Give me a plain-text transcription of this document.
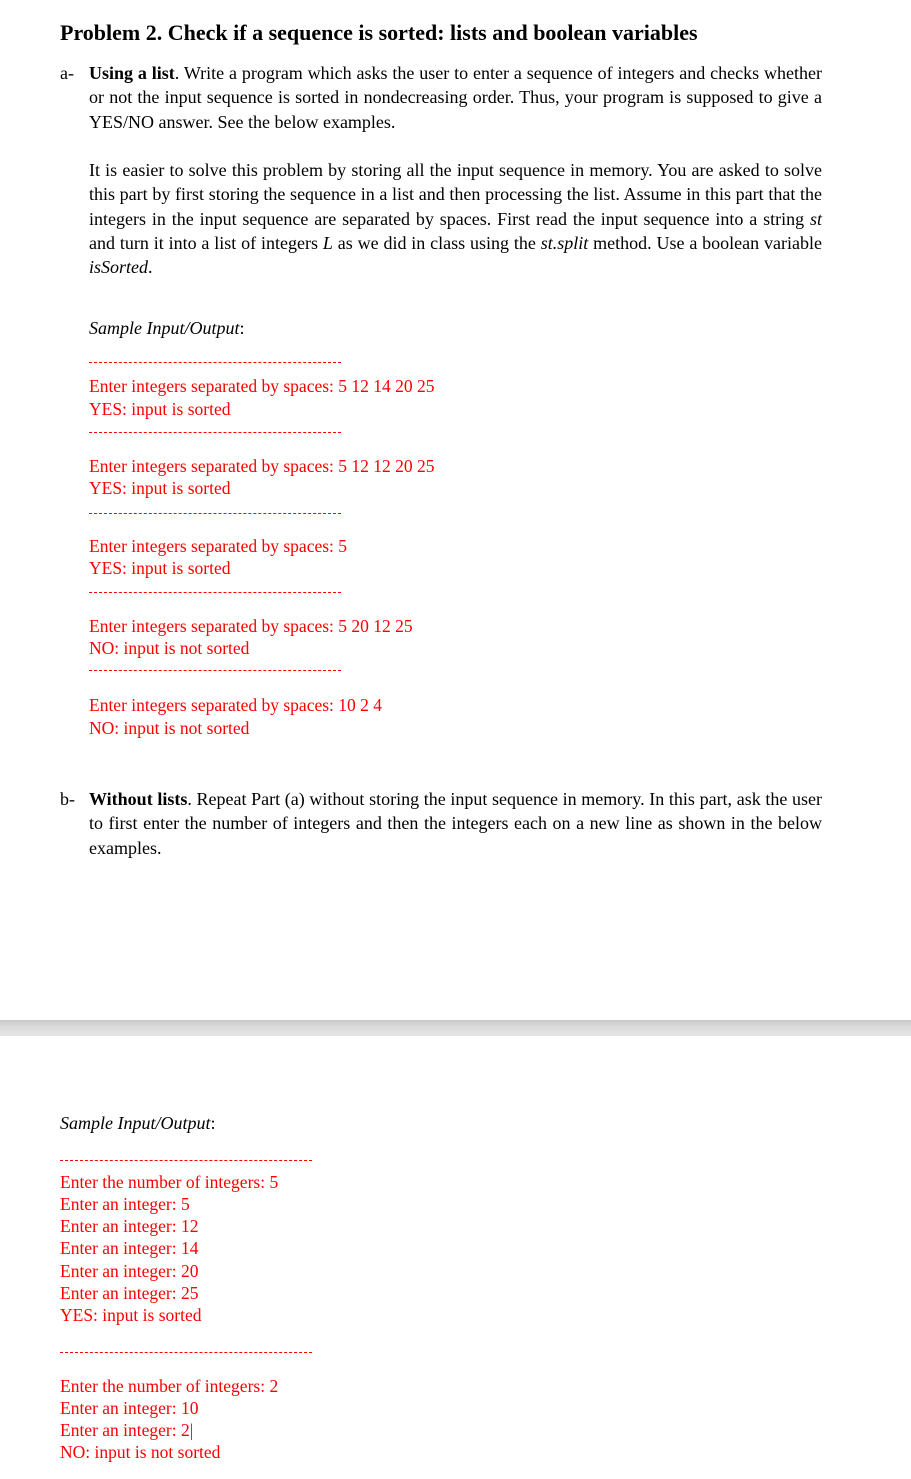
Problem 2. Check if a sequence is sorted: lists and boolean variables
a- Using a list. Write a program which asks the user to enter a sequence of integers and checks whether or not the input sequence is sorted in nondecreasing order. Thus, your program is supposed to give a YES/NO answer. See the below examples.

It is easier to solve this problem by storing all the input sequence in memory. You are asked to solve this part by first storing the sequence in a list and then processing the list. Assume in this part that the integers in the input sequence are separated by spaces. First read the input sequence into a string st and turn it into a list of integers L as we did in class using the st.split method. Use a boolean variable isSorted.

Sample Input/Output:

Enter integers separated by spaces: 5 12 14 20 25

YES: input is sorted

Enter integers separated by spaces: 5 12 12 20 25

YES: input is sorted

Enter integers separated by spaces: 5

YES: input is sorted

Enter integers separated by spaces: 5 20 12 25

NO: input is not sorted

Enter integers separated by spaces: 10 2 4

NO: input is not sorted

b- Without lists. Repeat Part (a) without storing the input sequence in memory. In this part, ask the user to first enter the number of integers and then the integers each on a new line as shown in the below examples.

Sample Input/Output:

Enter the number of integers: 5

Enter an integer: 5

Enter an integer: 12

Enter an integer: 14

Enter an integer: 20

Enter an integer: 25

YES: input is sorted

Enter the number of integers: 2

Enter an integer: 10

Enter an integer: 2|

NO: input is not sorted
